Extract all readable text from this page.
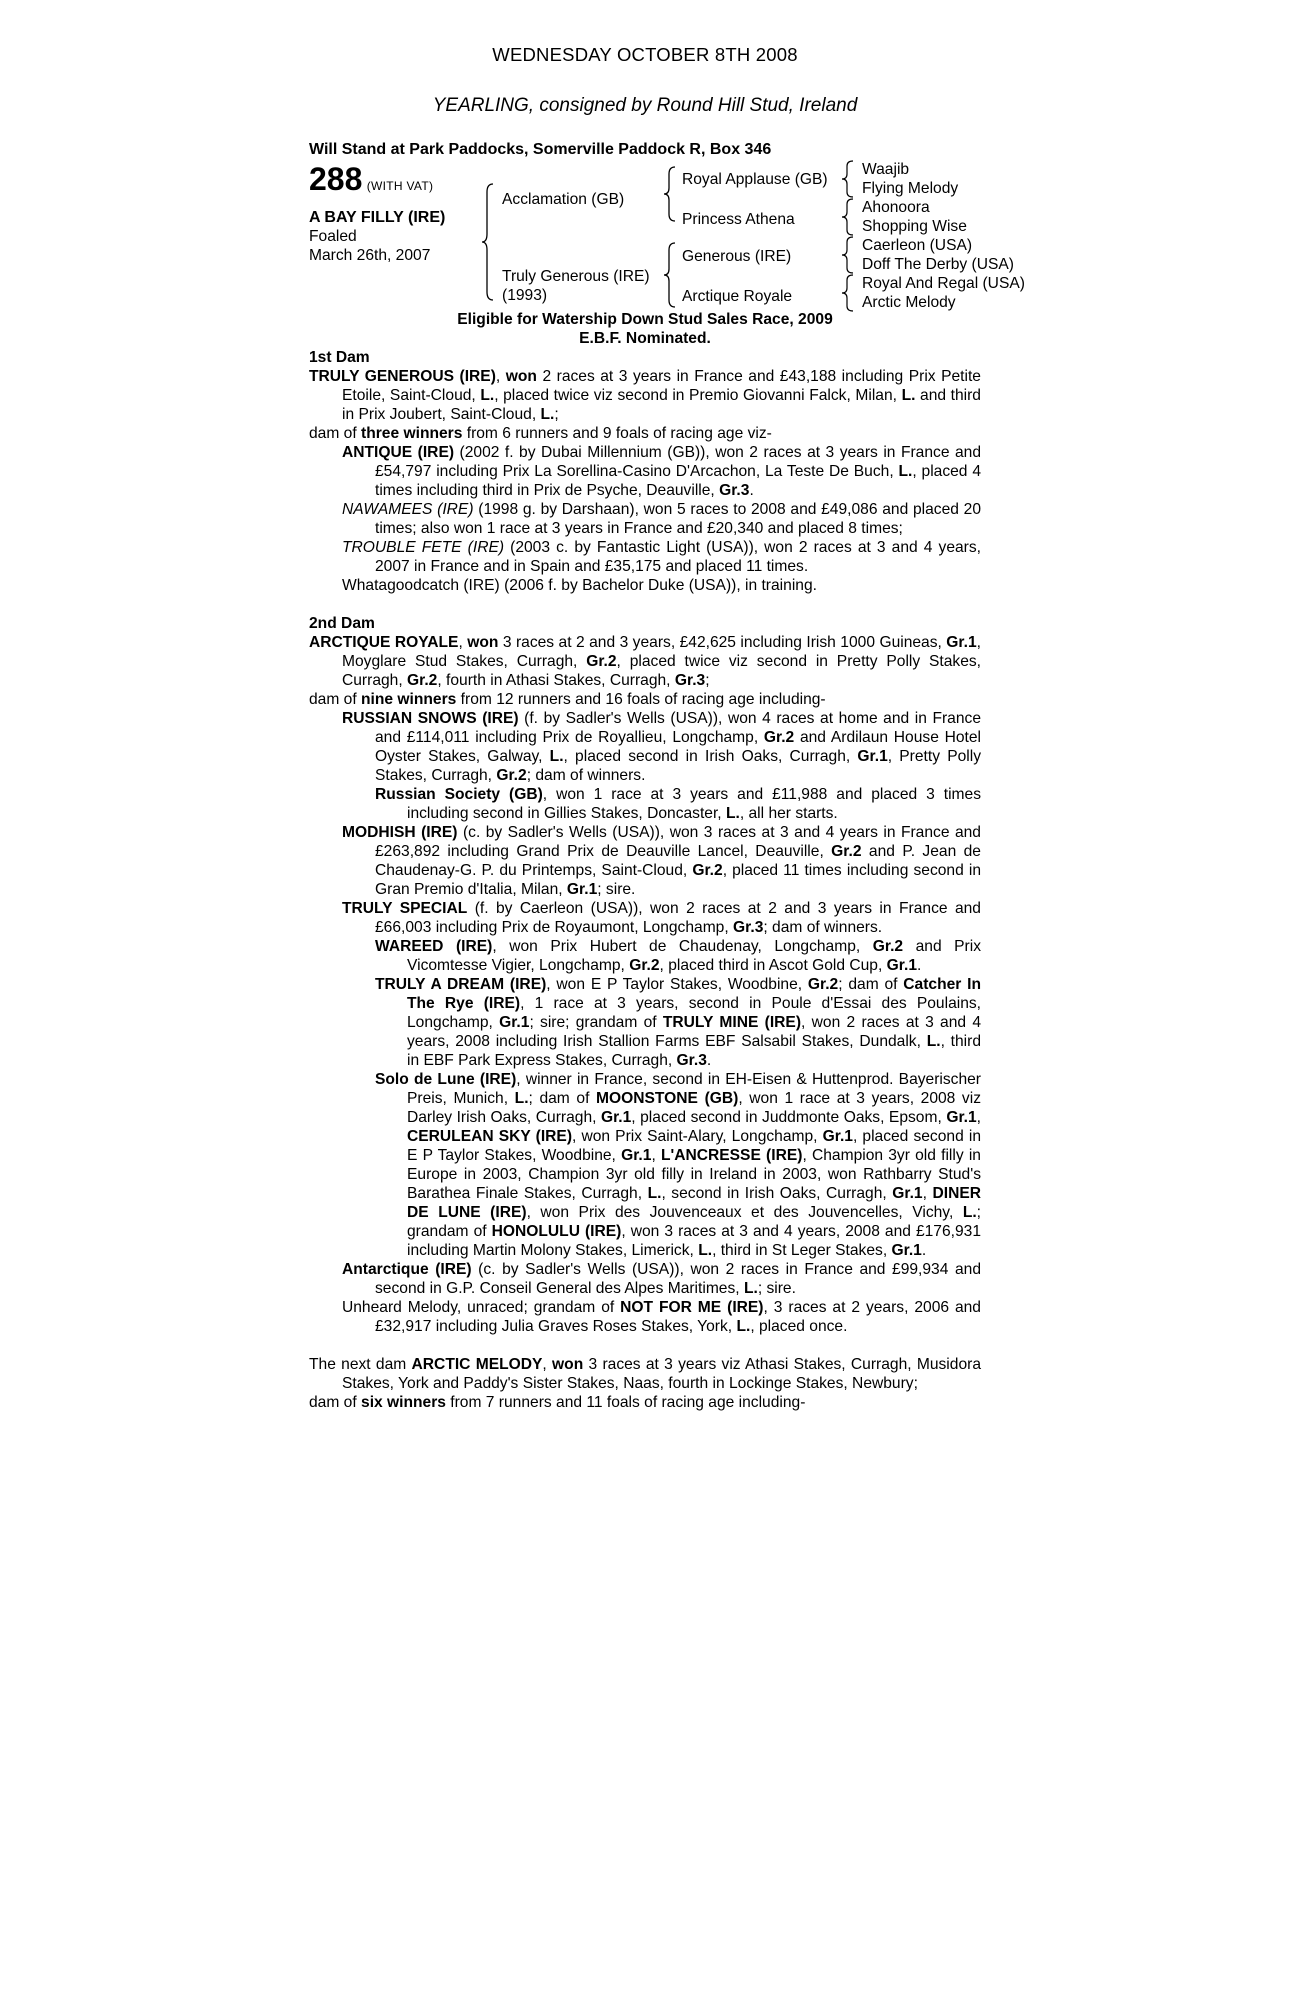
WEDNESDAY OCTOBER 8TH 2008
YEARLING, consigned by Round Hill Stud, Ireland
Will Stand at Park Paddocks, Somerville Paddock R, Box 346
288 (WITH VAT)
A BAY FILLY (IRE)
Foaled
March 26th, 2007
Acclamation (GB)
Truly Generous (IRE)
(1993)
Royal Applause (GB)
Princess Athena
Generous (IRE)
Arctique Royale
Waajib
Flying Melody
Ahonoora
Shopping Wise
Caerleon (USA)
Doff The Derby (USA)
Royal And Regal (USA)
Arctic Melody
Eligible for Watership Down Stud Sales Race, 2009
E.B.F. Nominated.
1st Dam
TRULY GENEROUS (IRE), won 2 races at 3 years in France and £43,188 including Prix Petite Etoile, Saint-Cloud, L., placed twice viz second in Premio Giovanni Falck, Milan, L. and third in Prix Joubert, Saint-Cloud, L.;
dam of three winners from 6 runners and 9 foals of racing age viz-
ANTIQUE (IRE) (2002 f. by Dubai Millennium (GB)), won 2 races at 3 years in France and £54,797 including Prix La Sorellina-Casino D'Arcachon, La Teste De Buch, L., placed 4 times including third in Prix de Psyche, Deauville, Gr.3.
NAWAMEES (IRE) (1998 g. by Darshaan), won 5 races to 2008 and £49,086 and placed 20 times; also won 1 race at 3 years in France and £20,340 and placed 8 times;
TROUBLE FETE (IRE) (2003 c. by Fantastic Light (USA)), won 2 races at 3 and 4 years, 2007 in France and in Spain and £35,175 and placed 11 times.
Whatagoodcatch (IRE) (2006 f. by Bachelor Duke (USA)), in training.
2nd Dam
ARCTIQUE ROYALE, won 3 races at 2 and 3 years, £42,625 including Irish 1000 Guineas, Gr.1, Moyglare Stud Stakes, Curragh, Gr.2, placed twice viz second in Pretty Polly Stakes, Curragh, Gr.2, fourth in Athasi Stakes, Curragh, Gr.3;
dam of nine winners from 12 runners and 16 foals of racing age including-
RUSSIAN SNOWS (IRE) (f. by Sadler's Wells (USA)), won 4 races at home and in France and £114,011 including Prix de Royallieu, Longchamp, Gr.2 and Ardilaun House Hotel Oyster Stakes, Galway, L., placed second in Irish Oaks, Curragh, Gr.1, Pretty Polly Stakes, Curragh, Gr.2; dam of winners.
Russian Society (GB), won 1 race at 3 years and £11,988 and placed 3 times including second in Gillies Stakes, Doncaster, L., all her starts.
MODHISH (IRE) (c. by Sadler's Wells (USA)), won 3 races at 3 and 4 years in France and £263,892 including Grand Prix de Deauville Lancel, Deauville, Gr.2 and P. Jean de Chaudenay-G. P. du Printemps, Saint-Cloud, Gr.2, placed 11 times including second in Gran Premio d'Italia, Milan, Gr.1; sire.
TRULY SPECIAL (f. by Caerleon (USA)), won 2 races at 2 and 3 years in France and £66,003 including Prix de Royaumont, Longchamp, Gr.3; dam of winners.
WAREED (IRE), won Prix Hubert de Chaudenay, Longchamp, Gr.2 and Prix Vicomtesse Vigier, Longchamp, Gr.2, placed third in Ascot Gold Cup, Gr.1.
TRULY A DREAM (IRE), won E P Taylor Stakes, Woodbine, Gr.2; dam of Catcher In The Rye (IRE), 1 race at 3 years, second in Poule d'Essai des Poulains, Longchamp, Gr.1; sire; grandam of TRULY MINE (IRE), won 2 races at 3 and 4 years, 2008 including Irish Stallion Farms EBF Salsabil Stakes, Dundalk, L., third in EBF Park Express Stakes, Curragh, Gr.3.
Solo de Lune (IRE), winner in France, second in EH-Eisen & Huttenprod. Bayerischer Preis, Munich, L.; dam of MOONSTONE (GB), won 1 race at 3 years, 2008 viz Darley Irish Oaks, Curragh, Gr.1, placed second in Juddmonte Oaks, Epsom, Gr.1, CERULEAN SKY (IRE), won Prix Saint-Alary, Longchamp, Gr.1, placed second in E P Taylor Stakes, Woodbine, Gr.1, L'ANCRESSE (IRE), Champion 3yr old filly in Europe in 2003, Champion 3yr old filly in Ireland in 2003, won Rathbarry Stud's Barathea Finale Stakes, Curragh, L., second in Irish Oaks, Curragh, Gr.1, DINER DE LUNE (IRE), won Prix des Jouvenceaux et des Jouvencelles, Vichy, L.; grandam of HONOLULU (IRE), won 3 races at 3 and 4 years, 2008 and £176,931 including Martin Molony Stakes, Limerick, L., third in St Leger Stakes, Gr.1.
Antarctique (IRE) (c. by Sadler's Wells (USA)), won 2 races in France and £99,934 and second in G.P. Conseil General des Alpes Maritimes, L.; sire.
Unheard Melody, unraced; grandam of NOT FOR ME (IRE), 3 races at 2 years, 2006 and £32,917 including Julia Graves Roses Stakes, York, L., placed once.
The next dam ARCTIC MELODY, won 3 races at 3 years viz Athasi Stakes, Curragh, Musidora Stakes, York and Paddy's Sister Stakes, Naas, fourth in Lockinge Stakes, Newbury;
dam of six winners from 7 runners and 11 foals of racing age including-
